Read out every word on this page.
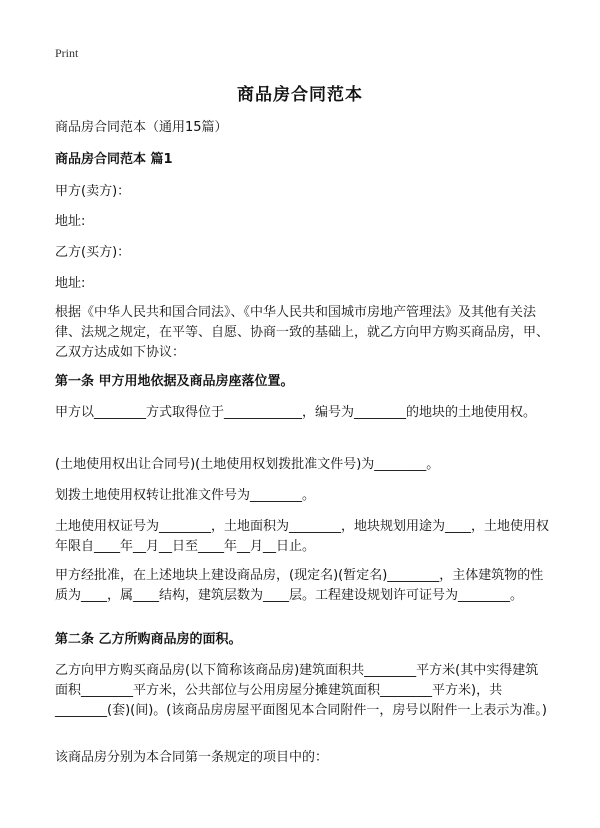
Print
商品房合同范本
商品房合同范本（通用15篇）
商品房合同范本 篇1
甲方(卖方)：
地址:
乙方(买方)：
地址:
根据《中华人民共和国合同法》、《中华人民共和国城市房地产管理法》及其他有关法律、法规之规定，在平等、自愿、协商一致的基础上，就乙方向甲方购买商品房，甲、乙双方达成如下协议：
第一条 甲方用地依据及商品房座落位置。
甲方以________方式取得位于____________，编号为________的地块的土地使用权。
(土地使用权出让合同号)(土地使用权划拨批准文件号)为________。
划拨土地使用权转让批准文件号为________。
土地使用权证号为________，土地面积为________，地块规划用途为____，土地使用权年限自____年__月__日至____年__月__日止。
甲方经批准，在上述地块上建设商品房，(现定名)(暂定名)________，主体建筑物的性质为____，属____结构，建筑层数为____层。工程建设规划许可证号为________。
第二条 乙方所购商品房的面积。
乙方向甲方购买商品房(以下简称该商品房)建筑面积共________平方米(其中实得建筑面积________平方米，公共部位与公用房屋分摊建筑面积________平方米)，共________(套)(间)。(该商品房房屋平面图见本合同附件一，房号以附件一上表示为准。)
该商品房分别为本合同第一条规定的项目中的：
